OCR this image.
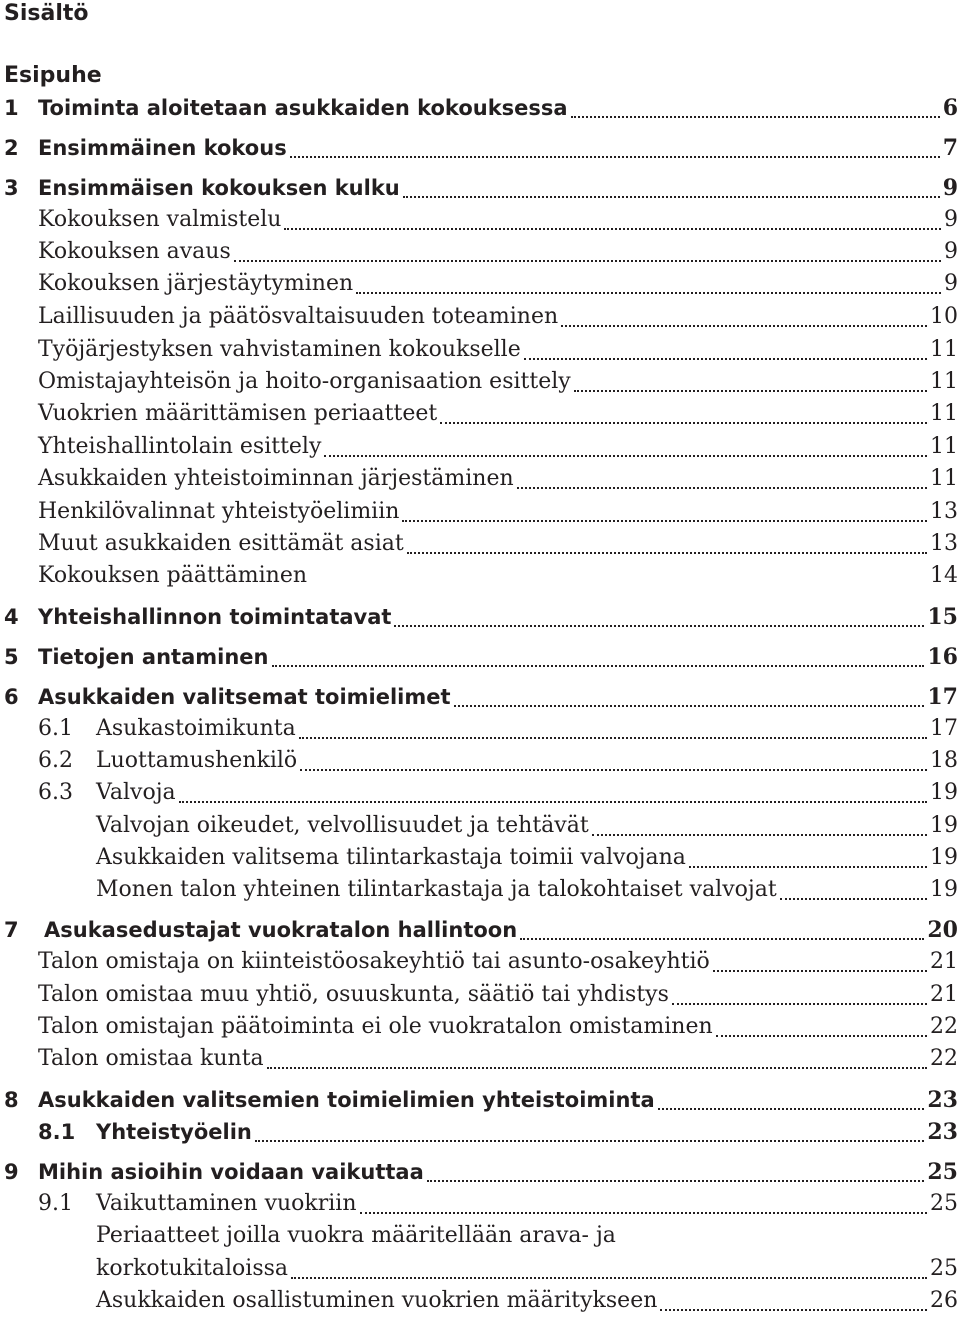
Sisältö
Esipuhe
1 Toiminta aloitetaan asukkaiden kokouksessa	6
2 Ensimmäinen kokous	7
3 Ensimmäisen kokouksen kulku	9
Kokouksen valmistelu	9
Kokouksen avaus	9
Kokouksen järjestäytyminen	9
Laillisuuden ja päätösvaltaisuuden toteaminen	10
Työjärjestyksen vahvistaminen kokoukselle	11
Omistajayhteisön ja hoito-organisaation esittely	11
Vuokrien määrittämisen periaatteet	11
Yhteishallintolain esittely	11
Asukkaiden yhteistoiminnan järjestäminen	11
Henkilövalinnat yhteistyöelimiin	13
Muut asukkaiden esittämät asiat	13
Kokouksen päättäminen	14
4 Yhteishallinnon toimintatavat	15
5 Tietojen antaminen	16
6 Asukkaiden valitsemat toimielimet	17
6.1 Asukastoimikunta	17
6.2 Luottamushenkilö	18
6.3 Valvoja	19
Valvojan oikeudet, velvollisuudet ja tehtävät	19
Asukkaiden valitsema tilintarkastaja toimii valvojana	19
Monen talon yhteinen tilintarkastaja ja talokohtaiset valvojat	19
7 Asukasedustajat vuokratalon hallintoon	20
Talon omistaja on kiinteistöosakeyhtiö tai asunto-osakeyhtiö	21
Talon omistaa muu yhtiö, osuuskunta, säätiö tai yhdistys	21
Talon omistajan päätoiminta ei ole vuokratalon omistaminen	22
Talon omistaa kunta	22
8 Asukkaiden valitsemien toimielimien yhteistoiminta	23
8.1 Yhteistyöelin	23
9 Mihin asioihin voidaan vaikuttaa	25
9.1 Vaikuttaminen vuokriin	25
Periaatteet joilla vuokra määritellään arava- ja
korkotukitaloissa	25
Asukkaiden osallistuminen vuokrien määritykseen	26
